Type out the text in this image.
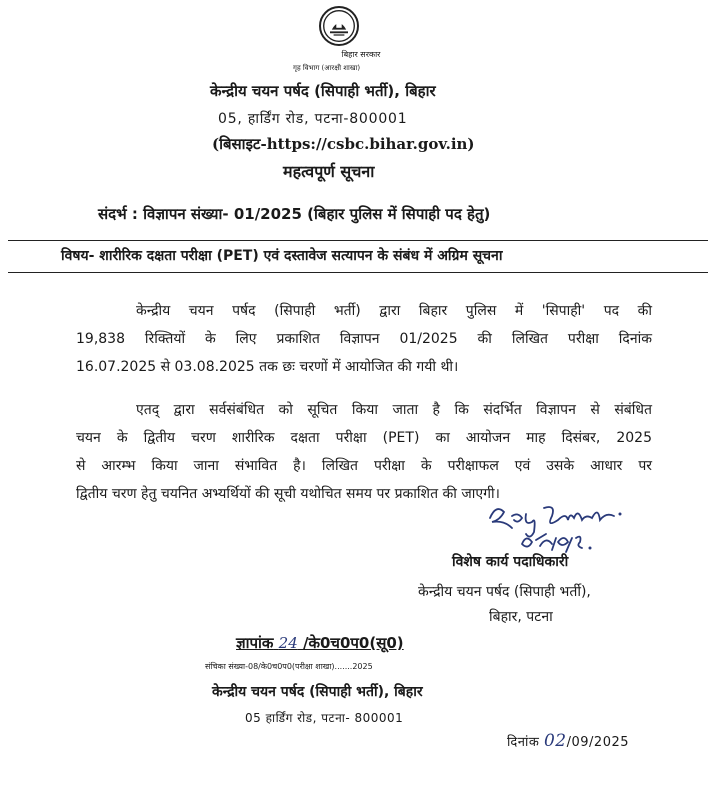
बिहार सरकार
गृह विभाग (आरक्षी शाखा)
केन्द्रीय चयन पर्षद (सिपाही भर्ती), बिहार
05, हार्डिंग रोड, पटना-800001
(बिसाइट-https://csbc.bihar.gov.in)
महत्वपूर्ण सूचना
संदर्भ : विज्ञापन संख्या- 01/2025 (बिहार पुलिस में सिपाही पद हेतु)
विषय- शारीरिक दक्षता परीक्षा (PET) एवं दस्तावेज सत्यापन के संबंध में अग्रिम सूचना
केन्द्रीय चयन पर्षद (सिपाही भर्ती) द्वारा बिहार पुलिस में 'सिपाही' पद की
19,838 रिक्तियों के लिए प्रकाशित विज्ञापन 01/2025 की लिखित परीक्षा दिनांक
16.07.2025 से 03.08.2025 तक छः चरणों में आयोजित की गयी थी।
एतद् द्वारा सर्वसंबंधित को सूचित किया जाता है कि संदर्भित विज्ञापन से संबंधित
चयन के द्वितीय चरण शारीरिक दक्षता परीक्षा (PET) का आयोजन माह दिसंबर, 2025
से आरम्भ किया जाना संभावित है। लिखित परीक्षा के परीक्षाफल एवं उसके आधार पर
द्वितीय चरण हेतु चयनित अभ्यर्थियों की सूची यथोचित समय पर प्रकाशित की जाएगी।
विशेष कार्य पदाधिकारी
केन्द्रीय चयन पर्षद (सिपाही भर्ती),
बिहार, पटना
ज्ञापांक 24 /के0च0प0(सू0)
संचिका संख्या-08/के0च0प0(परीक्षा शाखा).......2025
केन्द्रीय चयन पर्षद (सिपाही भर्ती), बिहार
05 हार्डिंग रोड, पटना- 800001
दिनांक 02/09/2025
